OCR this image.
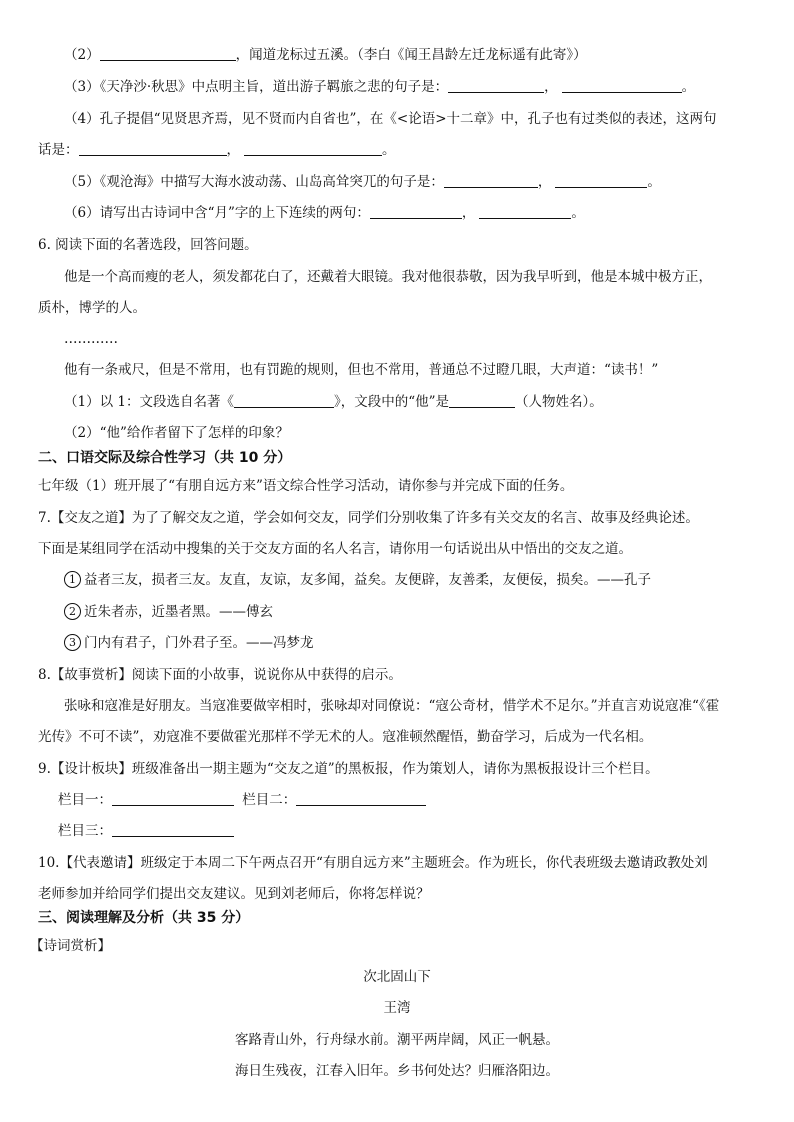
（2）	，闻道龙标过五溪。（李白《闻王昌龄左迁龙标遥有此寄》）
（3）《天净沙·秋思》中点明主旨，道出游子羁旅之悲的句子是：	，	。
（4）孔子提倡“见贤思齐焉，见不贤而内自省也”，在《<论语>十二章》中，孔子也有过类似的表述，这两句
话是：	，	。
（5）《观沧海》中描写大海水波动荡、山岛高耸突兀的句子是：	，	。
（6）请写出古诗词中含“月”字的上下连续的两句：	，	。
6. 阅读下面的名著选段，回答问题。
他是一个高而瘦的老人，须发都花白了，还戴着大眼镜。我对他很恭敬，因为我早听到，他是本城中极方正，
质朴，博学的人。
…………
他有一条戒尺，但是不常用，也有罚跪的规则，但也不常用，普通总不过瞪几眼，大声道：“读书！”
（1）以 1：文段选自名著《	》，文段中的“他”是	（人物姓名）。
（2）“他”给作者留下了怎样的印象？
二、口语交际及综合性学习（共 10 分）
七年级（1）班开展了“有朋自远方来”语文综合性学习活动，请你参与并完成下面的任务。
7.【交友之道】为了了解交友之道，学会如何交友，同学们分别收集了许多有关交友的名言、故事及经典论述。
下面是某组同学在活动中搜集的关于交友方面的名人名言，请你用一句话说出从中悟出的交友之道。
1 益者三友，损者三友。友直，友谅，友多闻，益矣。友便辟，友善柔，友便佞，损矣。——孔子
2 近朱者赤，近墨者黑。——傅玄
3 门内有君子，门外君子至。——冯梦龙
8.【故事赏析】阅读下面的小故事，说说你从中获得的启示。
张咏和寇准是好朋友。当寇准要做宰相时，张咏却对同僚说：“寇公奇材，惜学术不足尔。”并直言劝说寇准“《霍
光传》不可不读”，劝寇准不要做霍光那样不学无术的人。寇准顿然醒悟，勤奋学习，后成为一代名相。
9.【设计板块】班级准备出一期主题为“交友之道”的黑板报，作为策划人，请你为黑板报设计三个栏目。
栏目一：	栏目二：
栏目三：
10.【代表邀请】班级定于本周二下午两点召开“有朋自远方来”主题班会。作为班长，你代表班级去邀请政教处刘
老师参加并给同学们提出交友建议。见到刘老师后，你将怎样说？
三、阅读理解及分析（共 35 分）
【诗词赏析】
次北固山下
王湾
客路青山外，行舟绿水前。潮平两岸阔，风正一帆悬。
海日生残夜，江春入旧年。乡书何处达？归雁洛阳边。
